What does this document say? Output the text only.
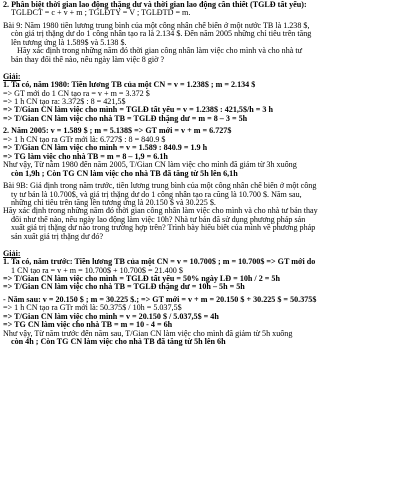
2. Phân biệt thời gian lao động thặng dư và thời gian lao động cần thiết (TGLĐ tất yếu):
TGLĐCT = c + v + m ; TGLĐTY = V ; TGLĐTD = m.
Bài 9: Năm 1980 tiền lương trung bình của một công nhân chế biến ở một nước TB là 1.238 $,
còn giá trị thặng dư do 1 công nhân tạo ra là 2.134 $. Đến năm 2005 những chỉ tiêu trên tăng
lên tương ứng là 1.589$ và 5.138 $.
Hãy xác định trong những năm đó thời gian công nhân làm việc cho mình và cho nhà tư
bản thay đổi thế nào, nếu ngày làm việc 8 giờ ?
Giải:
1. Ta có, năm 1980: Tiền lương TB của một CN = v = 1.238$ ; m = 2.134 $
=> GT mới do 1 CN tạo ra = v + m = 3.372 $
=> 1 h CN tạo ra: 3.372$ : 8 = 421,5$
=> T/Gian CN làm việc cho mình = TGLĐ tất yếu = v = 1.238$ : 421,5$/h = 3 h
=> T/Gian CN làm việc cho nhà TB = TGLĐ thặng dư = m = 8 – 3 = 5h
2. Năm 2005: v = 1.589 $ ; m = 5.138$ => GT mới = v + m = 6.727$
=> 1 h CN tạo ra GTr mới là: 6.727$ : 8 = 840.9 $
=> T/Gian CN làm việc cho mình = v = 1.589 : 840.9 = 1.9 h
=> TG làm việc cho nhà TB = m = 8 – 1,9 = 6.1h
Như vậy, Từ năm 1980 đến năm 2005, T/Gian CN làm việc cho mình đã giảm từ 3h xuống
còn 1,9h ; Còn TG CN làm việc cho nhà TB đã tăng từ 5h lên 6,1h
Bài 9B: Giả định trong năm trước, tiền lương trung bình của một công nhân chế biến ở một công
ty tư bản là 10.700$, và giá trị thặng dư do 1 công nhân tạo ra cũng là 10.700 $. Năm sau,
những chỉ tiêu trên tăng lên tương ứng là 20.150 $ và 30.225 $.
Hãy xác định trong những năm đó thời gian công nhân làm việc cho mình và cho nhà tư bản thay
đổi như thế nào, nếu ngày lao động làm việc 10h? Nhà tư bản đã sử dụng phương pháp sản
xuất giá trị thặng dư nào trong trường hợp trên? Trình bày hiểu biết của mình về phương pháp
sản xuất giá trị thặng dư đó?
Giải:
1. Ta có, năm trước: Tiền lương TB của một CN = v = 10.700$ ; m = 10.700$ => GT mới do
1 CN tạo ra = v + m = 10.700$ + 10.700$ = 21.400 $
=> T/Gian CN làm việc cho mình = TGLĐ tất yếu = 50% ngày LĐ = 10h / 2 = 5h
=> T/Gian CN làm việc cho nhà TB = TGLĐ thặng dư = 10h – 5h = 5h
- Năm sau: v = 20.150 $ ; m = 30.225 $.; => GT mới = v + m = 20.150 $ + 30.225 $ = 50.375$
=> 1 h CN tạo ra GTr mới là: 50.375$ / 10h = 5.037,5$
=> T/Gian CN làm việc cho mình = v = 20.150 $ / 5.037,5$ = 4h
=> TG CN làm việc cho nhà TB = m = 10 - 4 = 6h
Như vậy, Từ năm trước đến năm sau, T/Gian CN làm việc cho mình đã giảm từ 5h xuống
còn 4h ; Còn TG CN làm việc cho nhà TB đã tăng từ 5h lên 6h
